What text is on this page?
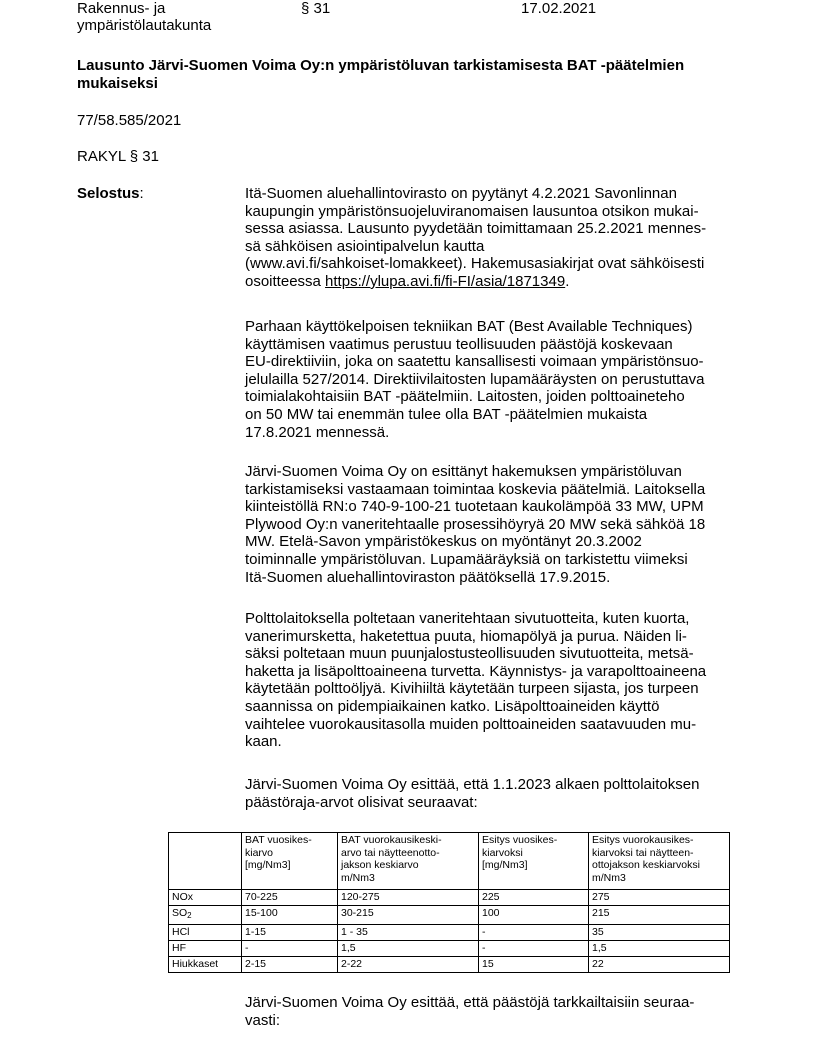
Rakennus- ja
ympäristölautakunta
§ 31	17.02.2021
Lausunto Järvi-Suomen Voima Oy:n ympäristöluvan tarkistamisesta BAT -päätelmien
mukaiseksi
77/58.585/2021
RAKYL § 31
Selostus:	Itä-Suomen aluehallintovirasto on pyytänyt 4.2.2021 Savonlinnan
kaupungin ympäristönsuojeluviranomaisen lausuntoa otsikon mukai-
sessa asiassa. Lausunto pyydetään toimittamaan 25.2.2021 mennes-
sä sähköisen asiointipalvelun kautta
(www.avi.fi/sahkoiset-lomakkeet). Hakemusasiakirjat ovat sähköisesti
osoitteessa https://ylupa.avi.fi/fi-FI/asia/1871349.
Parhaan käyttökelpoisen tekniikan BAT (Best Available Techniques)
käyttämisen vaatimus perustuu teollisuuden päästöjä koskevaan
EU-direktiiviin, joka on saatettu kansallisesti voimaan ympäristönsuo-
jelulailla 527/2014. Direktiivilaitosten lupamääräysten on perustuttava
toimialakohtaisiin BAT -päätelmiin. Laitosten, joiden polttoaineteho
on 50 MW tai enemmän tulee olla BAT -päätelmien mukaista
17.8.2021 mennessä.
Järvi-Suomen Voima Oy on esittänyt hakemuksen ympäristöluvan
tarkistamiseksi vastaamaan toimintaa koskevia päätelmiä. Laitoksella
kiinteistöllä RN:o 740-9-100-21 tuotetaan kaukolämpöä 33 MW, UPM
Plywood Oy:n vaneritehtaalle prosessihöyryä 20 MW sekä sähköä 18
MW. Etelä-Savon ympäristökeskus on myöntänyt 20.3.2002
toiminnalle ympäristöluvan. Lupamääräyksiä on tarkistettu viimeksi
Itä-Suomen aluehallintoviraston päätöksellä 17.9.2015.
Polttolaitoksella poltetaan vaneritehtaan sivutuotteita, kuten kuorta,
vanerimursketta, haketettua puuta, hiomapölyä ja purua. Näiden li-
säksi poltetaan muun puunjalostusteollisuuden sivutuotteita, metsä-
haketta ja lisäpolttoaineena turvetta. Käynnistys- ja varapolttoaineena
käytetään polttoöljyä. Kivihiiltä käytetään turpeen sijasta, jos turpeen
saannissa on pidempiaikainen katko. Lisäpolttoaineiden käyttö
vaihtelee vuorokausitasolla muiden polttoaineiden saatavuuden mu-
kaan.
Järvi-Suomen Voima Oy esittää, että 1.1.2023 alkaen polttolaitoksen
päästöraja-arvot olisivat seuraavat:

	BAT vuosikes-
kiarvo
[mg/Nm3]	BAT vuorokausikeski-
arvo tai näytteenotto-
jakson keskiarvo
m/Nm3	Esitys vuosikes-
kiarvoksi
[mg/Nm3]	Esitys vuorokausikes-
kiarvoksi tai näytteen-
ottojakson keskiarvoksi
m/Nm3

NOx	70-225	120-275	225	275
$SO_2$	15-100	30-215	100	215
HCl	1-15	1 - 35	-	35
HF	-	1,5	-	1,5
Hiukkaset	2-15	2-22	15	22
Järvi-Suomen Voima Oy esittää, että päästöjä tarkkailtaisiin seuraa-
vasti:
